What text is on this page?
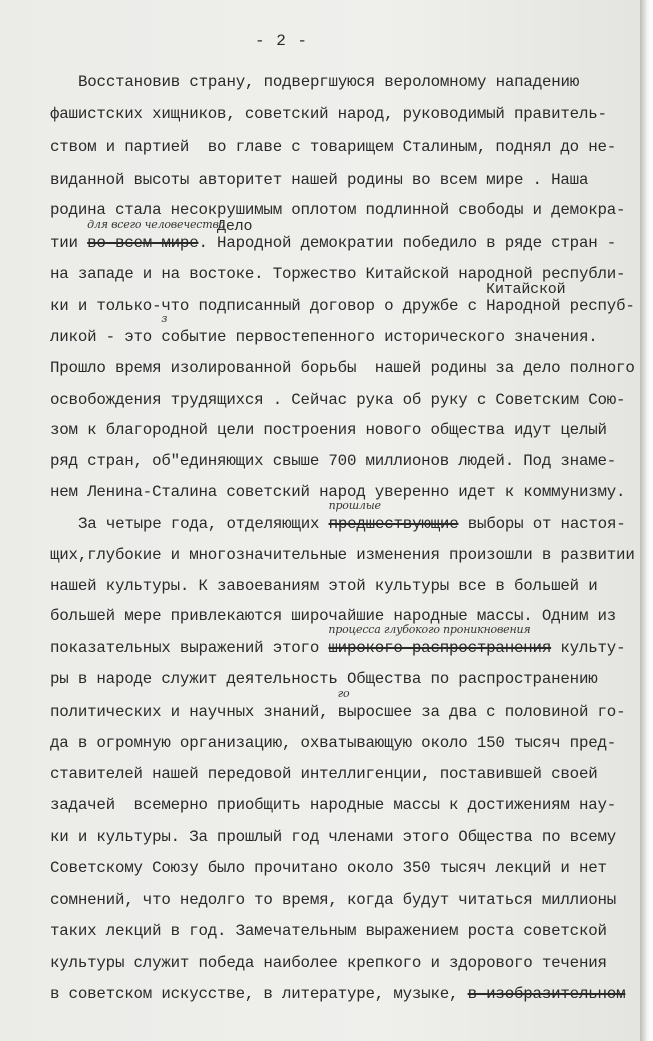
- 2 -
Восстановив страну, подвергшуюся вероломному нападению
фашистских хищников, советский народ, руководимый правитель-
ством и партией  во главе с товарищем Сталиным, поднял до не-
виданной высоты авторитет нашей родины во всем мире . Наша
родина стала несокрушимым оплотом подлинной свободы и демокра-
тии во всем мире
для всего человечества
. Народной
Дело
демократии победило в ряде стран -
на западе и на востоке. Торжество Китайской народной республи-
ки и только-что подписанный договор о дружбе с Народной
Китайской
респуб-
ликой - это событие
з
первостепенного исторического значения.
Прошло время изолированной борьбы  нашей родины за дело полного
освобождения трудящихся . Сейчас рука об руку с Советским Сою-
зом к благородной цели построения нового общества идут целый
ряд стран, об"единяющих свыше 700 миллионов людей. Под знаме-
нем Ленина-Сталина советский народ уверенно идет к коммунизму.
За четыре года, отделяющих предшествующие
прошлые
выборы от настоя-
щих,глубокие и многозначительные изменения произошли в развитии
нашей культуры. К завоеваниям этой культуры все в большей и
большей мере привлекаются широчайшие народные массы. Одним из
показательных выражений этого широкого распространения
процесса глубокого проникновения
культу-
ры в народе служит деятельность Общества по распространению
политических и научных знаний, выросшее
го
за два с половиной го-
да в огромную организацию, охватывающую около 150 тысяч пред-
ставителей нашей передовой интеллигенции, поставившей своей
задачей  всемерно приобщить народные массы к достижениям нау-
ки и культуры. За прошлый год членами этого Общества по всему
Советскому Союзу было прочитано около 350 тысяч лекций и нет
сомнений, что недолго то время, когда будут читаться миллионы
таких лекций в год. Замечательным выражением роста советской
культуры служит победа наиболее крепкого и здорового течения
в советском искусстве, в литературе, музыке, в изобразительном
